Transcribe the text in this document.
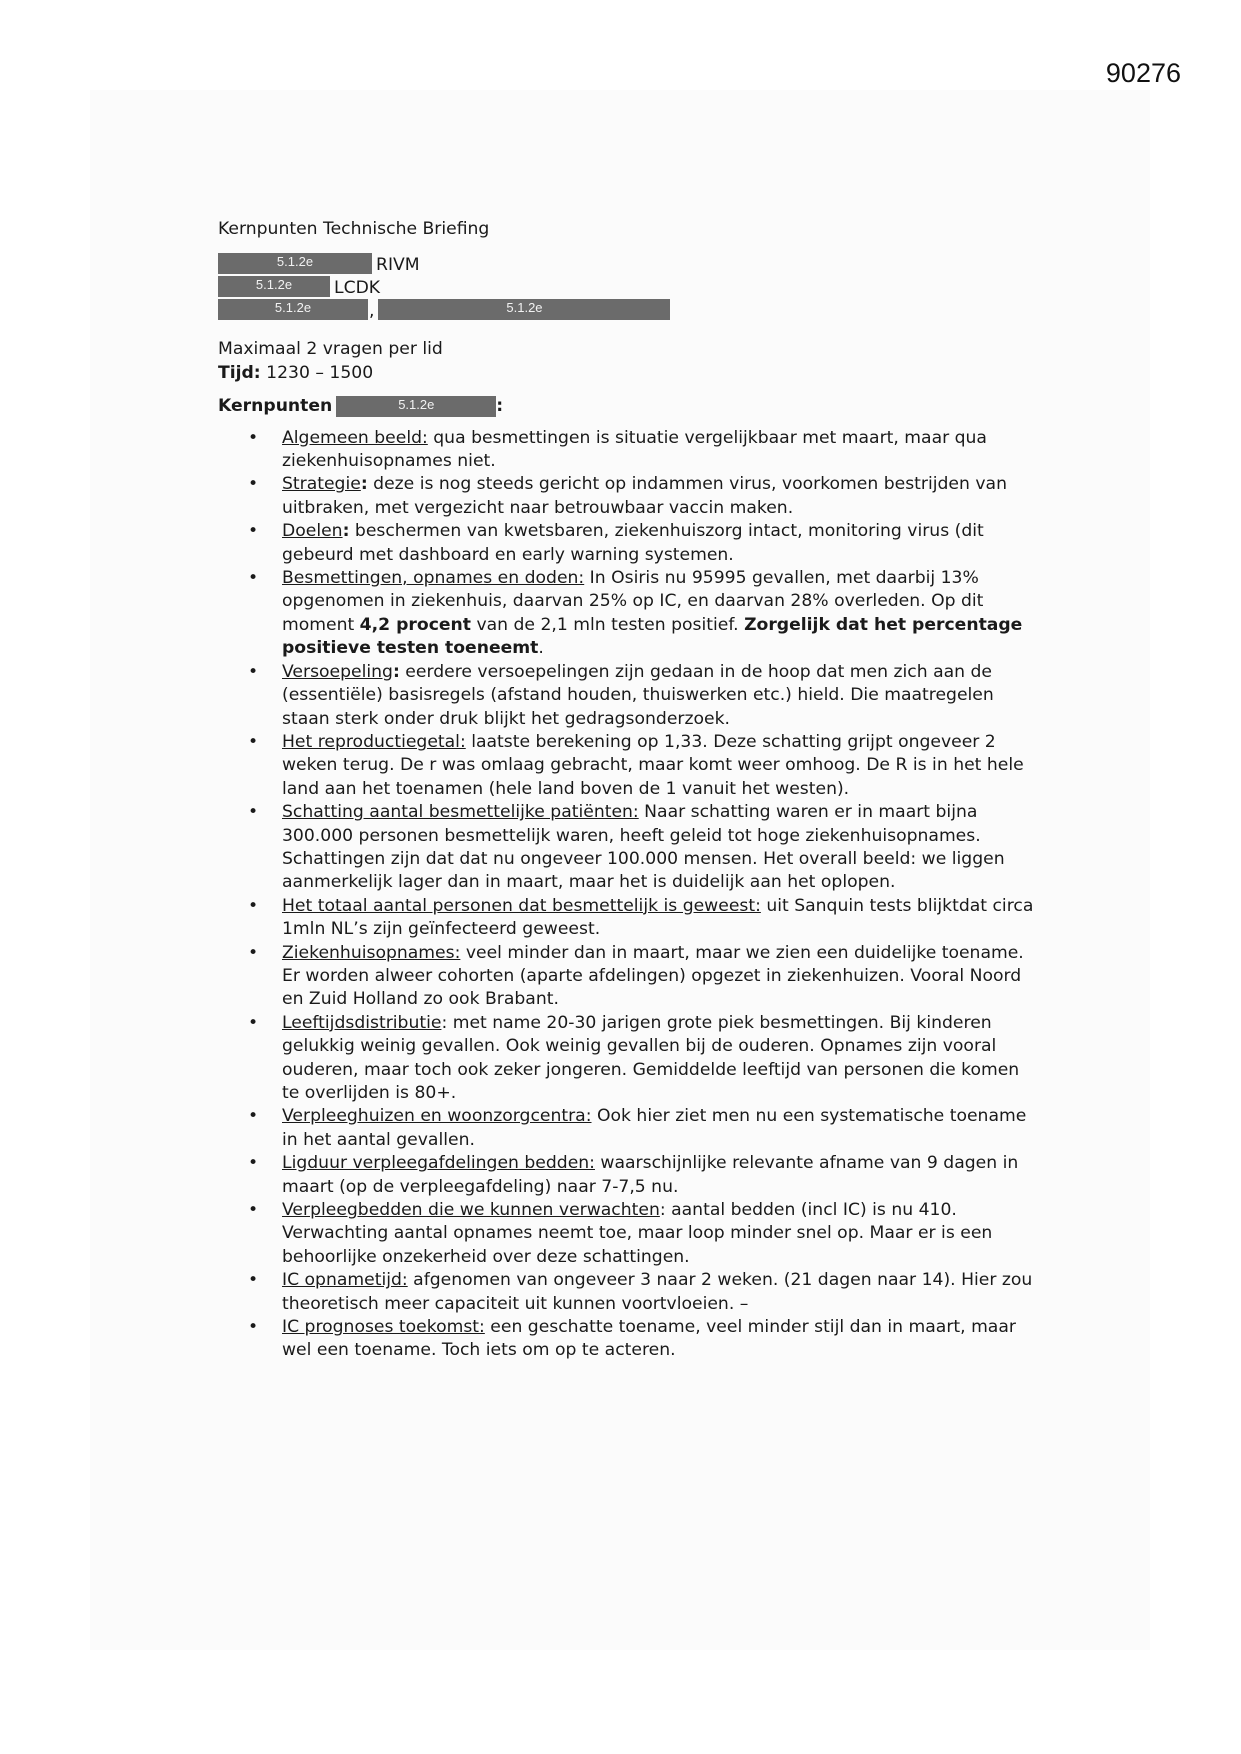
90276
Kernpunten Technische Briefing
5.1.2e	RIVM
5.1.2e LCDK
5.1.2e	,	5.1.2e
Maximaal 2 vragen per lid
Tijd: 1230 – 1500
Kernpunten	5.1.2e	:
• Algemeen beeld: qua besmettingen is situatie vergelijkbaar met maart, maar qua ziekenhuisopnames niet.
• Strategie: deze is nog steeds gericht op indammen virus, voorkomen bestrijden van uitbraken, met vergezicht naar betrouwbaar vaccin maken.
• Doelen: beschermen van kwetsbaren, ziekenhuiszorg intact, monitoring virus (dit gebeurd met dashboard en early warning systemen.
• Besmettingen, opnames en doden: In Osiris nu 95995 gevallen, met daarbij 13% opgenomen in ziekenhuis, daarvan 25% op IC, en daarvan 28% overleden. Op dit moment 4,2 procent van de 2,1 mln testen positief. Zorgelijk dat het percentage positieve testen toeneemt.
• Versoepeling: eerdere versoepelingen zijn gedaan in de hoop dat men zich aan de (essentiële) basisregels (afstand houden, thuiswerken etc.) hield. Die maatregelen staan sterk onder druk blijkt het gedragsonderzoek.
• Het reproductiegetal: laatste berekening op 1,33. Deze schatting grijpt ongeveer 2 weken terug. De r was omlaag gebracht, maar komt weer omhoog. De R is in het hele land aan het toenamen (hele land boven de 1 vanuit het westen).
• Schatting aantal besmettelijke patiënten: Naar schatting waren er in maart bijna 300.000 personen besmettelijk waren, heeft geleid tot hoge ziekenhuisopnames. Schattingen zijn dat dat nu ongeveer 100.000 mensen. Het overall beeld: we liggen aanmerkelijk lager dan in maart, maar het is duidelijk aan het oplopen.
• Het totaal aantal personen dat besmettelijk is geweest: uit Sanquin tests blijktdat circa 1mln NL’s zijn geïnfecteerd geweest.
• Ziekenhuisopnames: veel minder dan in maart, maar we zien een duidelijke toename. Er worden alweer cohorten (aparte afdelingen) opgezet in ziekenhuizen. Vooral Noord en Zuid Holland zo ook Brabant.
• Leeftijdsdistributie: met name 20-30 jarigen grote piek besmettingen. Bij kinderen gelukkig weinig gevallen. Ook weinig gevallen bij de ouderen. Opnames zijn vooral ouderen, maar toch ook zeker jongeren. Gemiddelde leeftijd van personen die komen te overlijden is 80+.
• Verpleeghuizen en woonzorgcentra: Ook hier ziet men nu een systematische toename in het aantal gevallen.
• Ligduur verpleegafdelingen bedden: waarschijnlijke relevante afname van 9 dagen in maart (op de verpleegafdeling) naar 7-7,5 nu.
• Verpleegbedden die we kunnen verwachten: aantal bedden (incl IC) is nu 410. Verwachting aantal opnames neemt toe, maar loop minder snel op. Maar er is een behoorlijke onzekerheid over deze schattingen.
• IC opnametijd: afgenomen van ongeveer 3 naar 2 weken. (21 dagen naar 14). Hier zou theoretisch meer capaciteit uit kunnen voortvloeien. –
• IC prognoses toekomst: een geschatte toename, veel minder stijl dan in maart, maar wel een toename. Toch iets om op te acteren.
